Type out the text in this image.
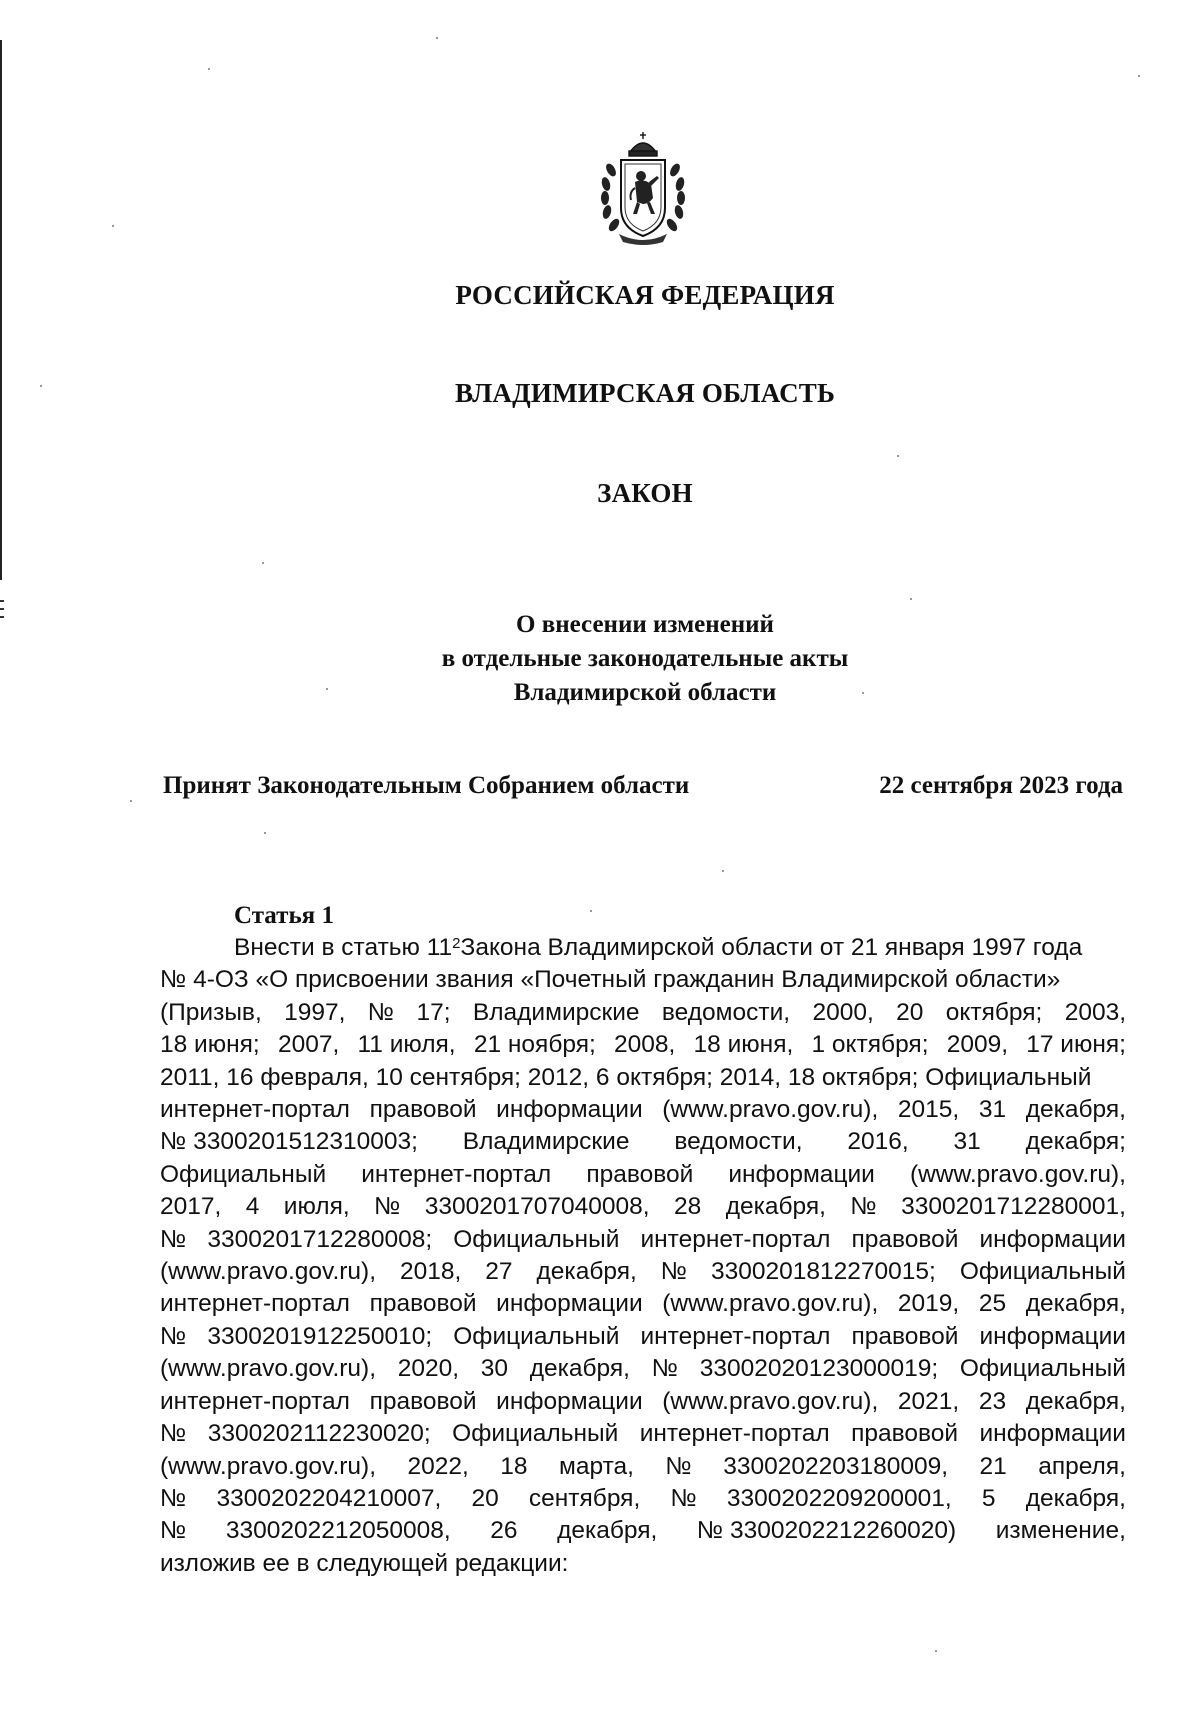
РОССИЙСКАЯ ФЕДЕРАЦИЯ
ВЛАДИМИРСКАЯ ОБЛАСТЬ
ЗАКОН
О внесении изменений
в отдельные законодательные акты
Владимирской области
Принят Законодательным Собранием области	22 сентября 2023 года
Статья 1
Внести в статью $11^2Закона$ Владимирской области от 21 января 1997 года
№ 4-ОЗ «О присвоении звания «Почетный гражданин Владимирской области»
(Призыв, 1997, № 17; Владимирские ведомости, 2000, 20 октября; 2003,
18 июня; 2007, 11 июля, 21 ноября; 2008, 18 июня, 1 октября; 2009, 17 июня;
2011, 16 февраля, 10 сентября; 2012, 6 октября; 2014, 18 октября; Официальный
интернет-портал правовой информации (www.pravo.gov.ru), 2015, 31 декабря,
№ 3300201512310003; Владимирские ведомости, 2016, 31 декабря;
Официальный интернет-портал правовой информации (www.pravo.gov.ru),
2017, 4 июля, № 3300201707040008, 28 декабря, № 3300201712280001,
№ 3300201712280008; Официальный интернет-портал правовой информации
(www.pravo.gov.ru), 2018, 27 декабря, № 3300201812270015; Официальный
интернет-портал правовой информации (www.pravo.gov.ru), 2019, 25 декабря,
№ 3300201912250010; Официальный интернет-портал правовой информации
(www.pravo.gov.ru), 2020, 30 декабря, № 33002020123000019; Официальный
интернет-портал правовой информации (www.pravo.gov.ru), 2021, 23 декабря,
№ 3300202112230020; Официальный интернет-портал правовой информации
(www.pravo.gov.ru), 2022, 18 марта, № 3300202203180009, 21 апреля,
№ 3300202204210007, 20 сентября, № 3300202209200001, 5 декабря,
№ 3300202212050008, 26 декабря, № 3300202212260020) изменение,
изложив ее в следующей редакции:
